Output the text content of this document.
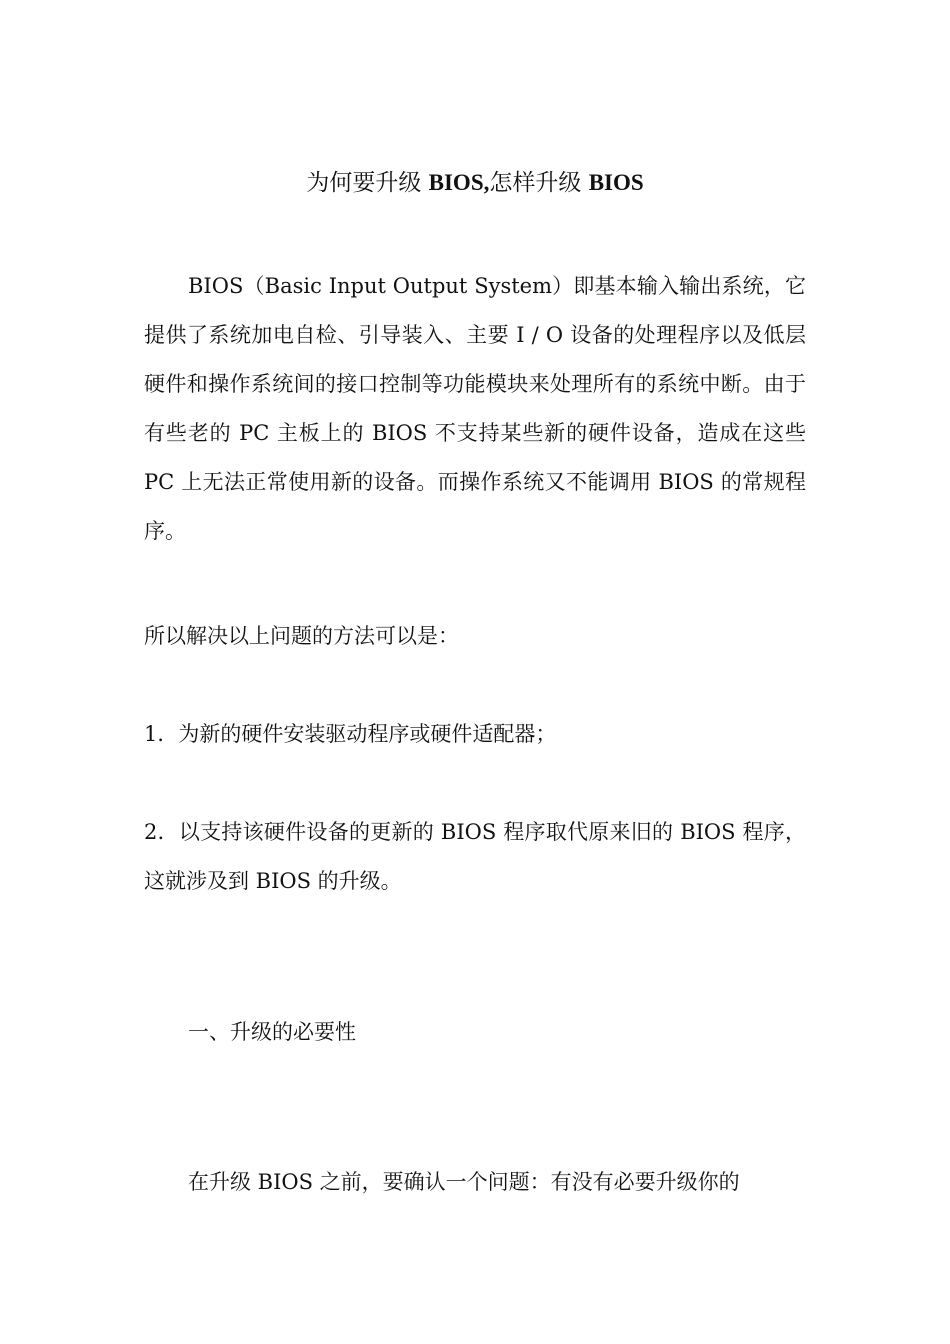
为何要升级 BIOS,怎样升级 BIOS

BIOS（Basic Input Output System）即基本输入输出系统，它提供了系统加电自检、引导装入、主要 I / O 设备的处理程序以及低层硬件和操作系统间的接口控制等功能模块来处理所有的系统中断。由于有些老的 PC 主板上的 BIOS 不支持某些新的硬件设备，造成在这些 PC 上无法正常使用新的设备。而操作系统又不能调用 BIOS 的常规程序。

所以解决以上问题的方法可以是：

1．为新的硬件安装驱动程序或硬件适配器；

2．以支持该硬件设备的更新的 BIOS 程序取代原来旧的 BIOS 程序，这就涉及到 BIOS 的升级。

一、升级的必要性

在升级 BIOS 之前，要确认一个问题：有没有必要升级你的
